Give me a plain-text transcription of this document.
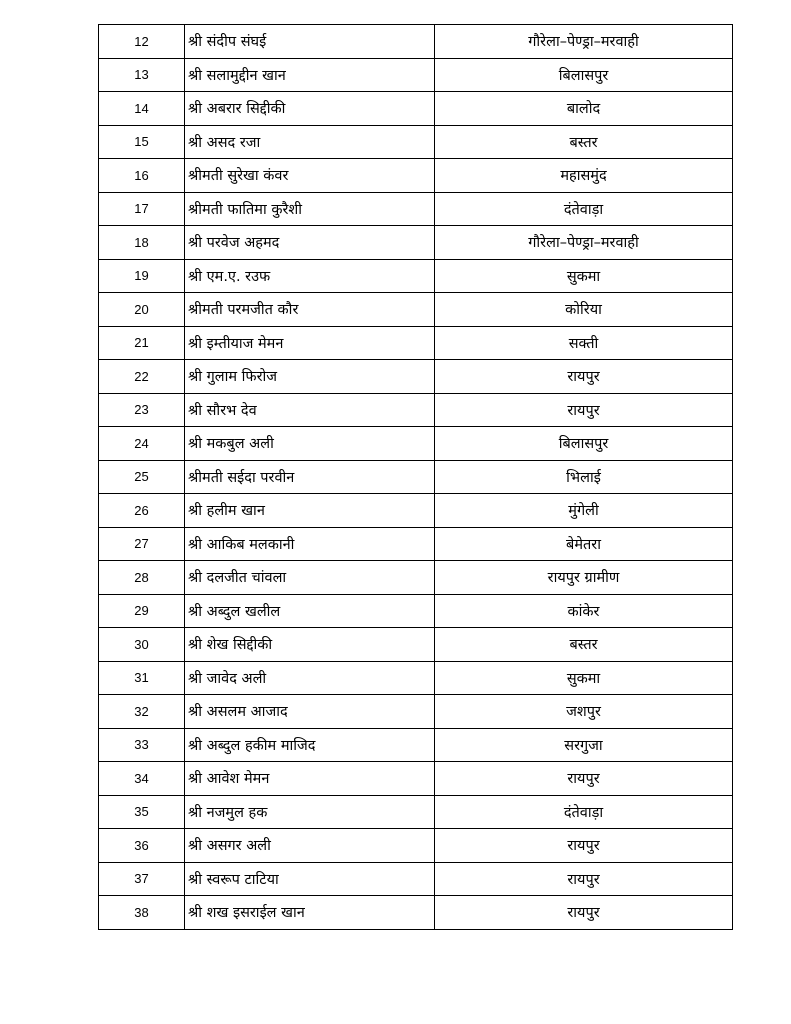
12	श्री संदीप संघई	गौरेला–पेण्ड्रा–मरवाही
13	श्री सलामुद्दीन खान	बिलासपुर
14	श्री अबरार सिद्दीकी	बालोद
15	श्री असद रजा	बस्तर
16	श्रीमती सुरेखा कंवर	महासमुंद
17	श्रीमती फातिमा कुरैशी	दंतेवाड़ा
18	श्री परवेज अहमद	गौरेला–पेण्ड्रा–मरवाही
19	श्री एम.ए. रउफ	सुकमा
20	श्रीमती परमजीत कौर	कोरिया
21	श्री इम्तीयाज मेमन	सक्ती
22	श्री गुलाम फिरोज	रायपुर
23	श्री सौरभ देव	रायपुर
24	श्री मकबुल अली	बिलासपुर
25	श्रीमती सईदा परवीन	भिलाई
26	श्री हलीम खान	मुंगेली
27	श्री आकिब मलकानी	बेमेतरा
28	श्री दलजीत चांवला	रायपुर ग्रामीण
29	श्री अब्दुल खलील	कांकेर
30	श्री शेख सिद्दीकी	बस्तर
31	श्री जावेद अली	सुकमा
32	श्री असलम आजाद	जशपुर
33	श्री अब्दुल हकीम माजिद	सरगुजा
34	श्री आवेश मेमन	रायपुर
35	श्री नजमुल हक	दंतेवाड़ा
36	श्री असगर अली	रायपुर
37	श्री स्वरूप टाटिया	रायपुर
38	श्री शख इसराईल खान	रायपुर
